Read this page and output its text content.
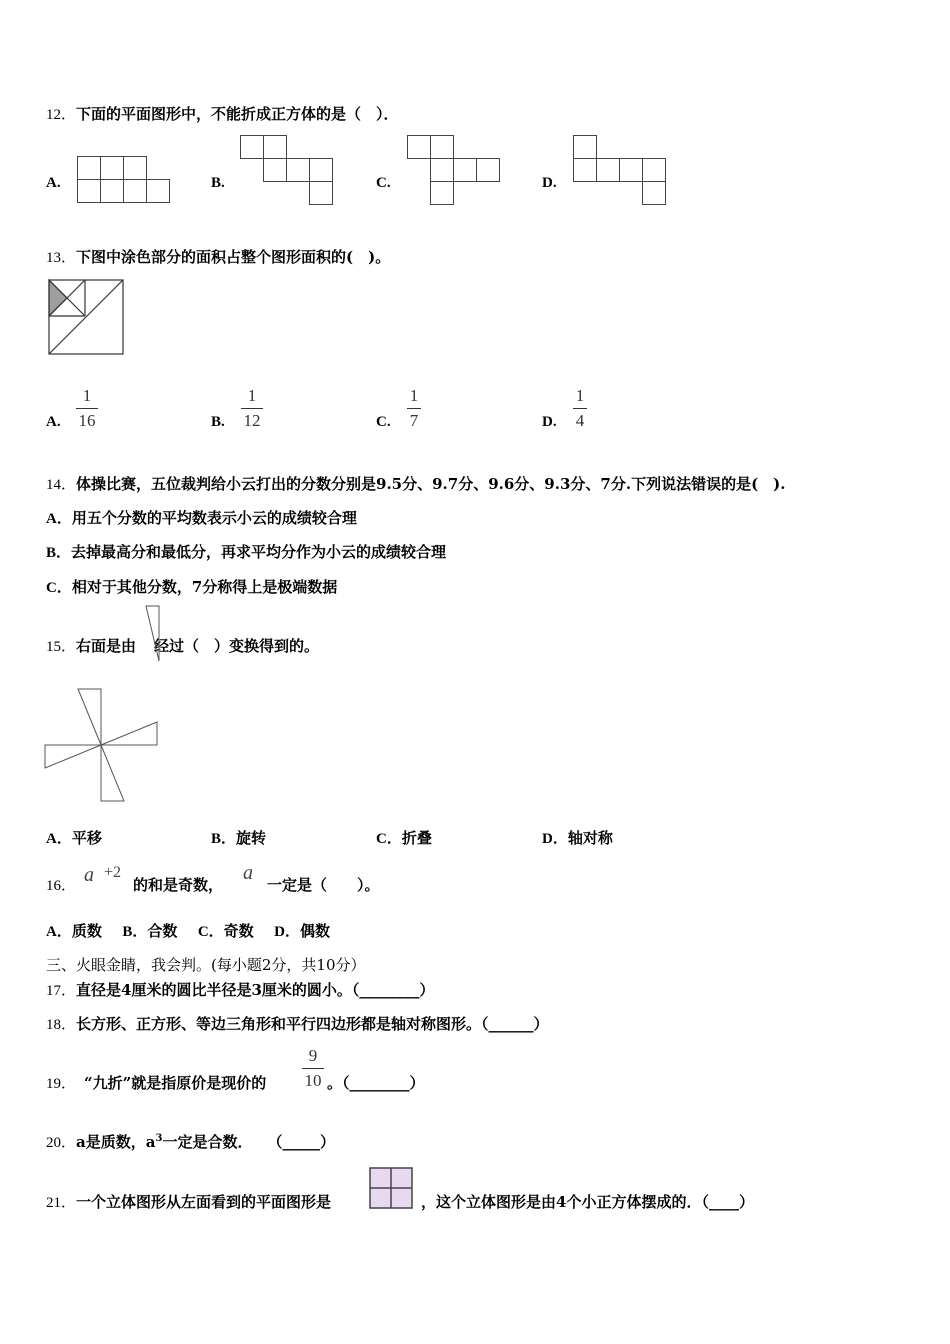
12．下面的平面图形中，不能折成正方体的是（　）．
A.	B.	C.	D.
13．下图中涂色部分的面积占整个图形面积的(　)。
A.
1
16	B.
1
12	C.
1
7	D.
1
4
14．体操比赛，五位裁判给小云打出的分数分别是9.5分、9.7分、9.6分、9.3分、7分.下列说法错误的是(　).
A．用五个分数的平均数表示小云的成绩较合理
B．去掉最高分和最低分，再求平均分作为小云的成绩较合理
C．相对于其他分数，7分称得上是极端数据
15．右面是由 经过（　）变换得到的。
A．平移	B．旋转	C．折叠	D．轴对称
16． a $^{+2}$
的和是奇数，
a
一定是（　　）。
A．质数 B．合数 C．奇数 D．偶数
三、火眼金睛，我会判。(每小题2分，共10分）
17．直径是4厘米的圆比半径是3厘米的圆小。（________）
18．长方形、正方形、等边三角形和平行四边形都是轴对称图形。（______）
19． “九折”就是指原价是现价的
9
10 。（________）
20．a是质数，$a^3$一定是合数．　　（_____）
21．一个立体图形从左面看到的平面图形是	，这个立体图形是由4个小正方体摆成的．（____）
